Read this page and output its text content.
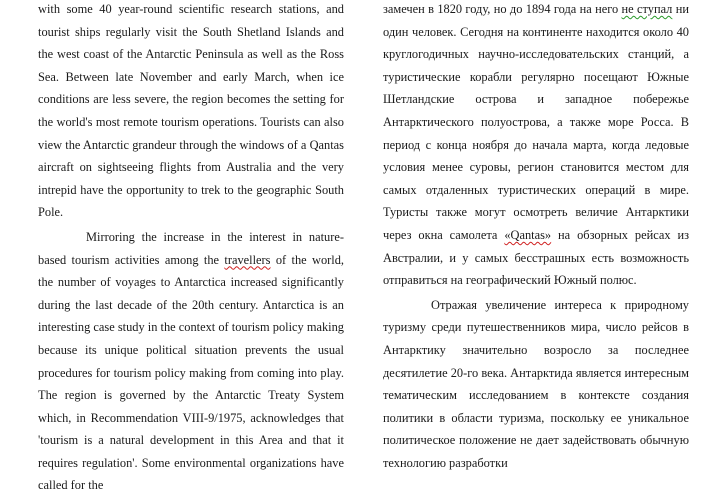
with some 40 year-round scientific research stations, and tourist ships regularly visit the South Shetland Islands and the west coast of the Antarctic Peninsula as well as the Ross Sea. Between late November and early March, when ice conditions are less severe, the region becomes the setting for the world's most remote tourism operations. Tourists can also view the Antarctic grandeur through the windows of a Qantas aircraft on sightseeing flights from Australia and the very intrepid have the opportunity to trek to the geographic South Pole.

Mirroring the increase in the interest in nature-based tourism activities among the travellers of the world, the number of voyages to Antarctica increased significantly during the last decade of the 20th century. Antarctica is an interesting case study in the context of tourism policy making because its unique political situation prevents the usual procedures for tourism policy making from coming into play. The region is governed by the Antarctic Treaty System which, in Recommendation VIII-9/1975, acknowledges that 'tourism is a natural development in this Area and that it requires regulation'. Some environmental organizations have called for the

замечен в 1820 году, но до 1894 года на него не ступал ни один человек. Сегодня на континенте находится около 40 круглогодичных научно-исследовательских станций, а туристические корабли регулярно посещают Южные Шетландские острова и западное побережье Антарктического полуострова, а также море Росса. В период с конца ноября до начала марта, когда ледовые условия менее суровы, регион становится местом для самых отдаленных туристических операций в мире. Туристы также могут осмотреть величие Антарктики через окна самолета «Qantas» на обзорных рейсах из Австралии, и у самых бесстрашных есть возможность отправиться на географический Южный полюс.

Отражая увеличение интереса к природному туризму среди путешественников мира, число рейсов в Антарктику значительно возросло за последнее десятилетие 20-го века. Антарктида является интересным тематическим исследованием в контексте создания политики в области туризма, поскольку ее уникальное политическое положение не дает задействовать обычную технологию разработки
